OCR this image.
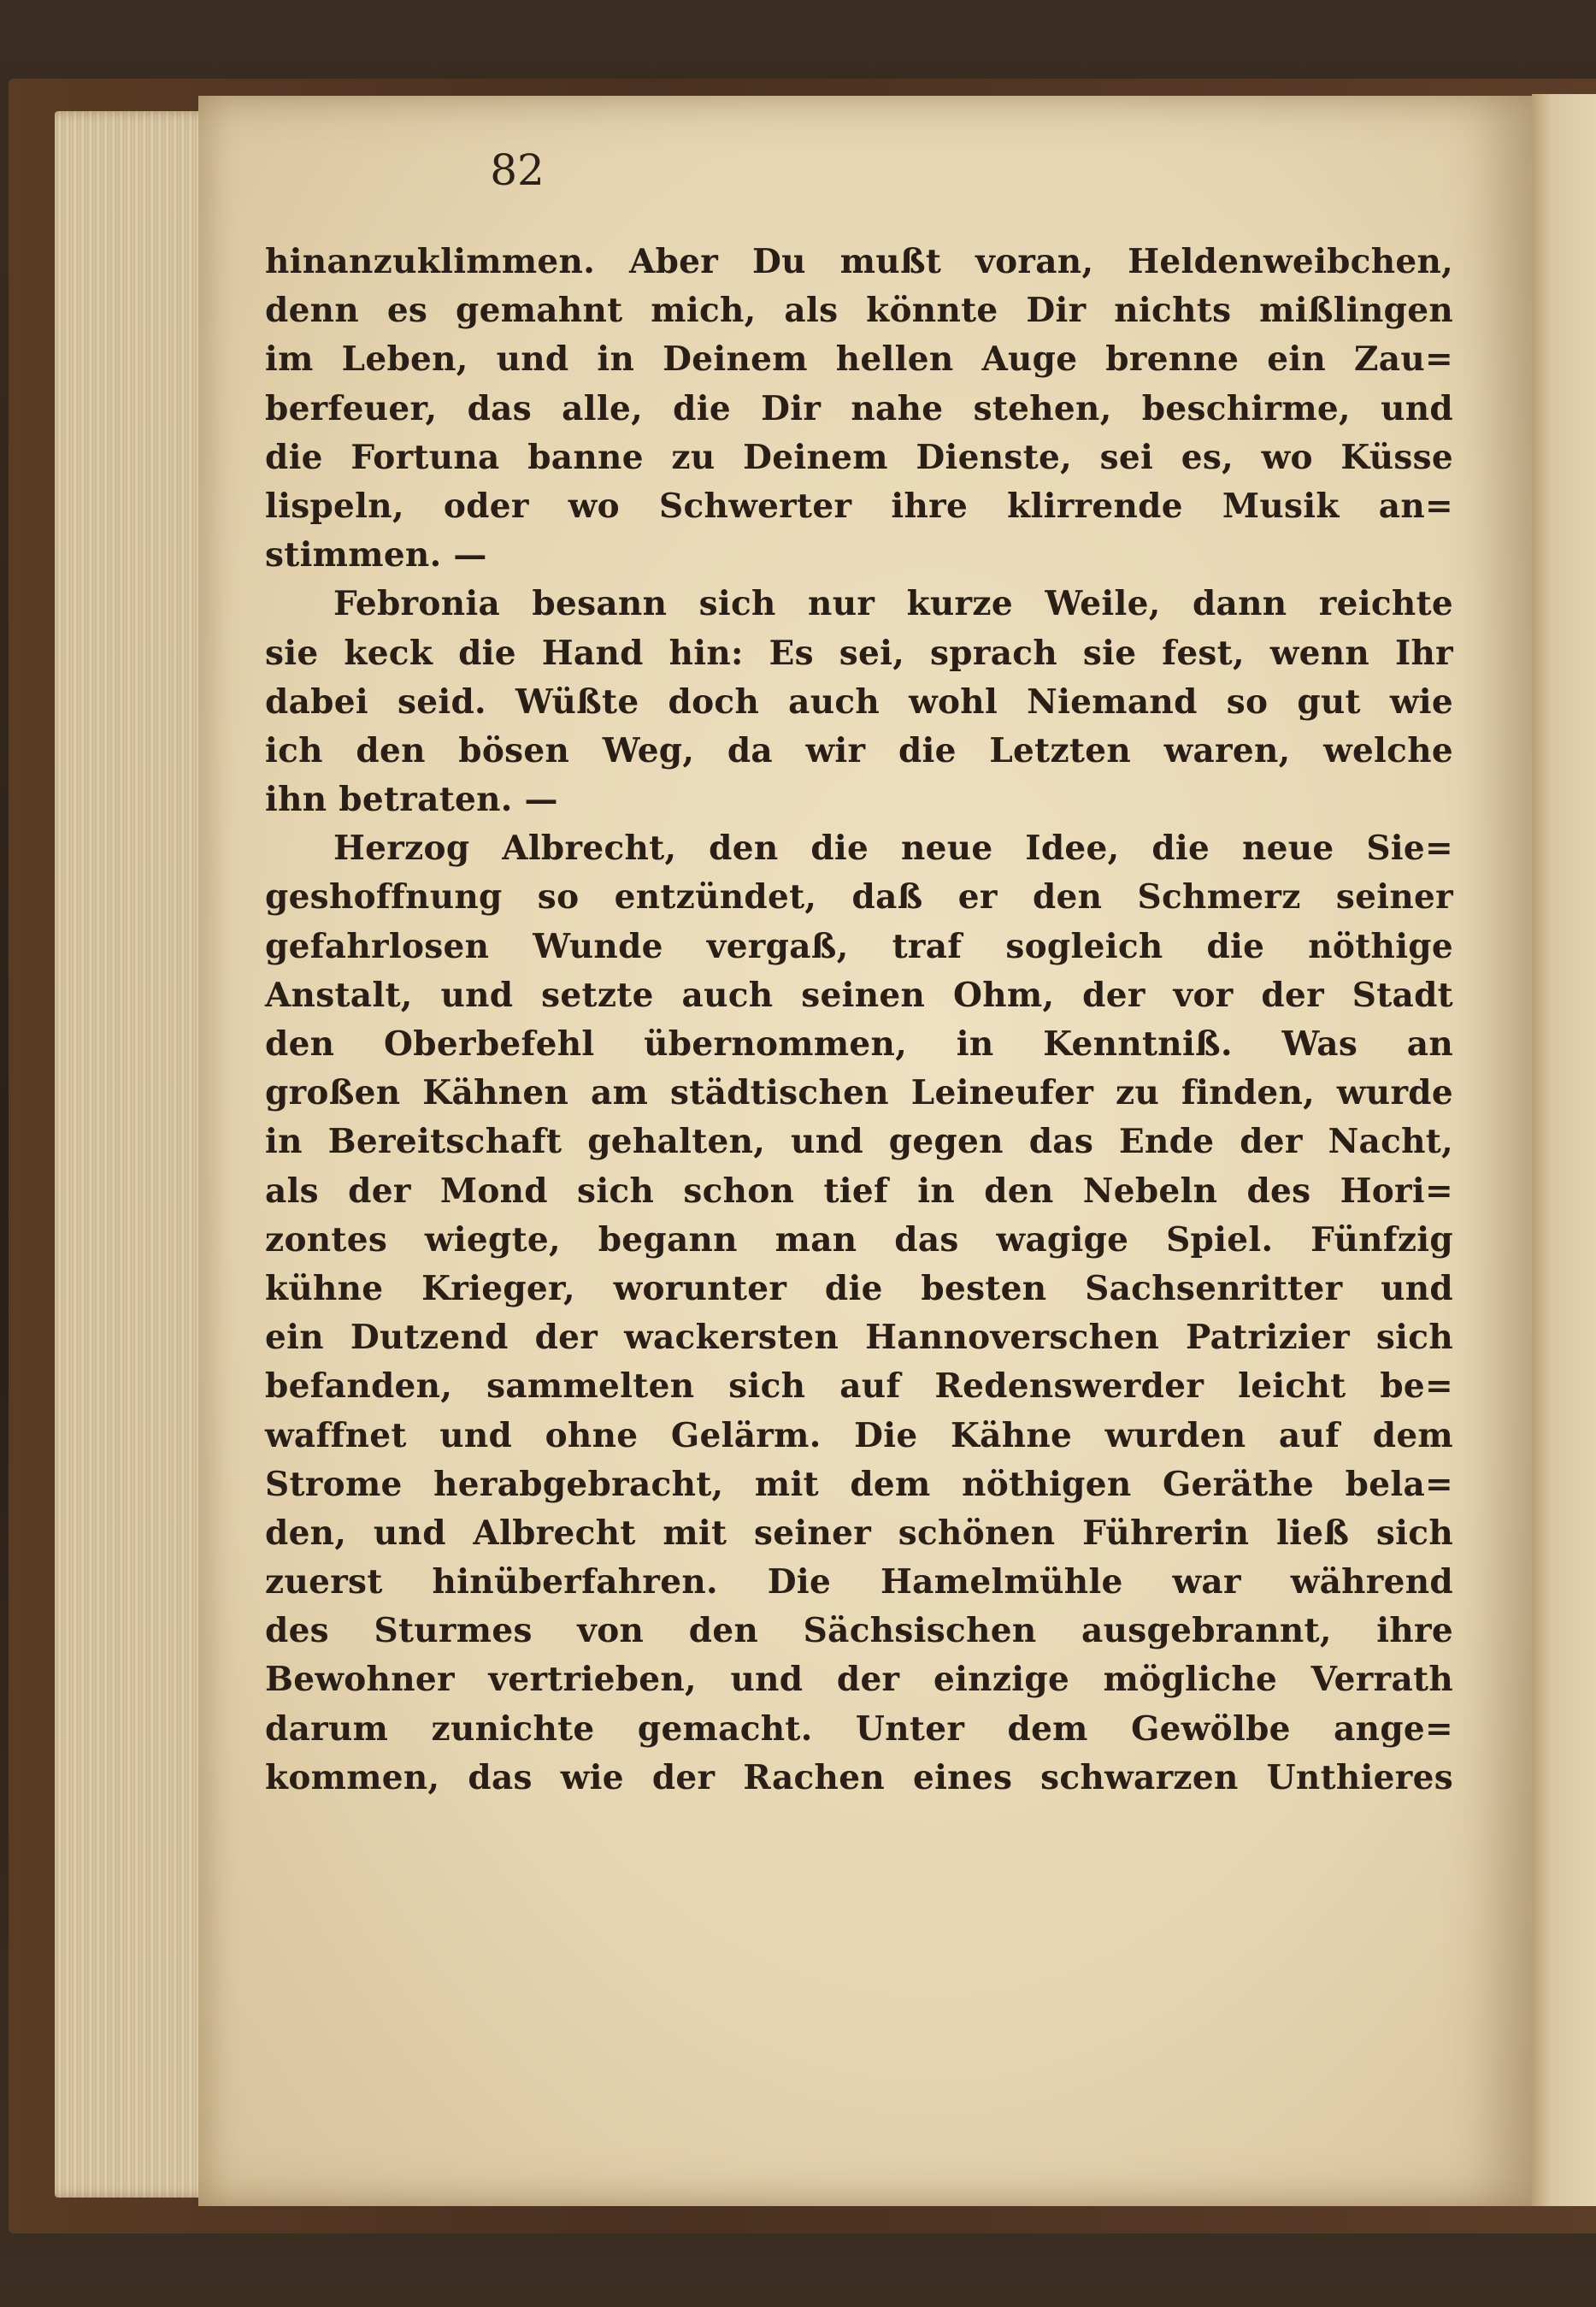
82
hinanzuklimmen. Aber Du mußt voran, Heldenweibchen,
denn es gemahnt mich, als könnte Dir nichts mißlingen
im Leben, und in Deinem hellen Auge brenne ein Zau=
berfeuer, das alle, die Dir nahe stehen, beschirme, und
die Fortuna banne zu Deinem Dienste, sei es, wo Küsse
lispeln, oder wo Schwerter ihre klirrende Musik an=
stimmen. —
Febronia besann sich nur kurze Weile, dann reichte
sie keck die Hand hin: Es sei, sprach sie fest, wenn Ihr
dabei seid. Wüßte doch auch wohl Niemand so gut wie
ich den bösen Weg, da wir die Letzten waren, welche
ihn betraten. —
Herzog Albrecht, den die neue Idee, die neue Sie=
geshoffnung so entzündet, daß er den Schmerz seiner
gefahrlosen Wunde vergaß, traf sogleich die nöthige
Anstalt, und setzte auch seinen Ohm, der vor der Stadt
den Oberbefehl übernommen, in Kenntniß. Was an
großen Kähnen am städtischen Leineufer zu finden, wurde
in Bereitschaft gehalten, und gegen das Ende der Nacht,
als der Mond sich schon tief in den Nebeln des Hori=
zontes wiegte, begann man das wagige Spiel. Fünfzig
kühne Krieger, worunter die besten Sachsenritter und
ein Dutzend der wackersten Hannoverschen Patrizier sich
befanden, sammelten sich auf Redenswerder leicht be=
waffnet und ohne Gelärm. Die Kähne wurden auf dem
Strome herabgebracht, mit dem nöthigen Geräthe bela=
den, und Albrecht mit seiner schönen Führerin ließ sich
zuerst hinüberfahren. Die Hamelmühle war während
des Sturmes von den Sächsischen ausgebrannt, ihre
Bewohner vertrieben, und der einzige mögliche Verrath
darum zunichte gemacht. Unter dem Gewölbe ange=
kommen, das wie der Rachen eines schwarzen Unthieres
